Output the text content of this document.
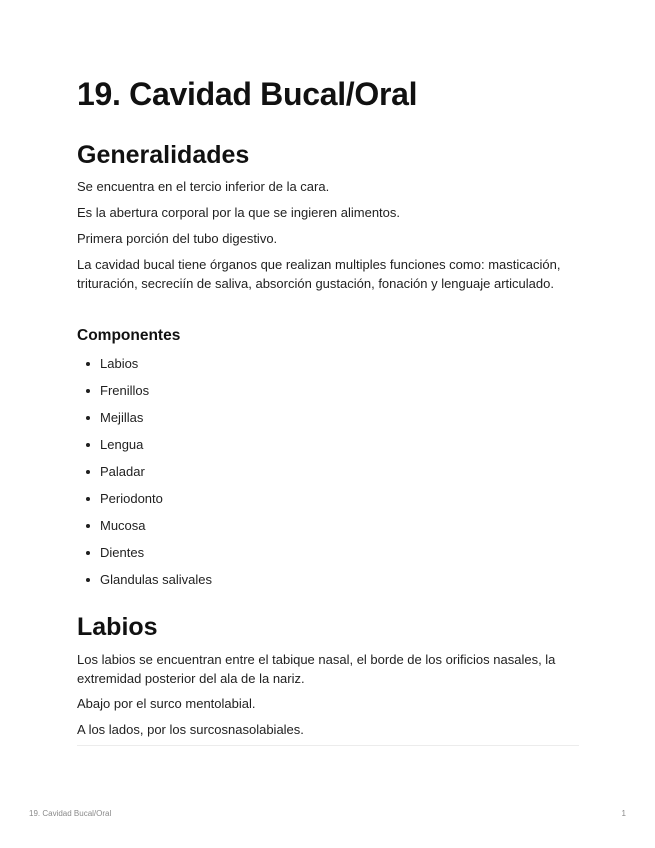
19. Cavidad Bucal/Oral
Generalidades

Se encuentra en el tercio inferior de la cara.

Es la abertura corporal por la que se ingieren alimentos.

Primera porción del tubo digestivo.

La cavidad bucal tiene órganos que realizan multiples funciones como: masticación, trituración, secreciín de saliva, absorción gustación, fonación y lenguaje articulado.

Componentes
Labios
Frenillos
Mejillas
Lengua
Paladar
Periodonto
Mucosa
Dientes
Glandulas salivales
Labios

Los labios se encuentran entre el tabique nasal, el borde de los orificios nasales, la extremidad posterior del ala de la nariz.

Abajo por el surco mentolabial.

A los lados, por los surcosnasolabiales.

19. Cavidad Bucal/Oral	1
